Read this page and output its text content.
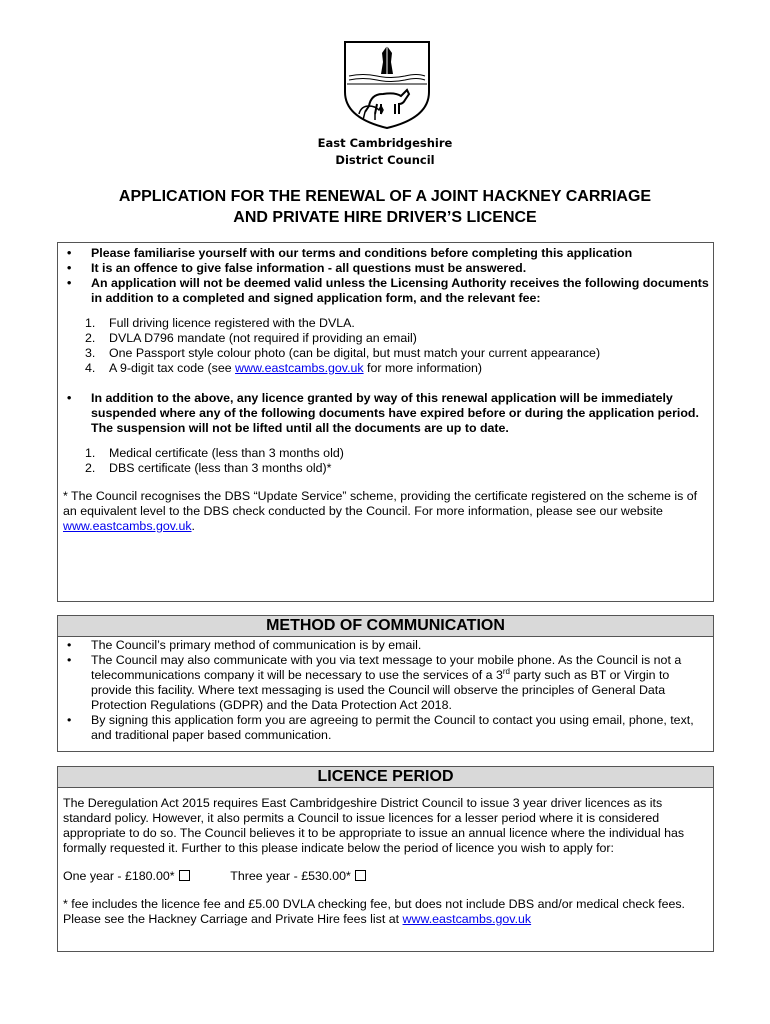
East Cambridgeshire
District Council
APPLICATION FOR THE RENEWAL OF A JOINT HACKNEY CARRIAGE
AND PRIVATE HIRE DRIVER’S LICENCE
• Please familiarise yourself with our terms and conditions before completing this application
• It is an offence to give false information - all questions must be answered.
• An application will not be deemed valid unless the Licensing Authority receives the following documents in addition to a completed and signed application form, and the relevant fee:
1. Full driving licence registered with the DVLA.
2. DVLA D796 mandate (not required if providing an email)
3. One Passport style colour photo (can be digital, but must match your current appearance)
4. A 9-digit tax code (see www.eastcambs.gov.uk for more information)
• In addition to the above, any licence granted by way of this renewal application will be immediately suspended where any of the following documents have expired before or during the application period. The suspension will not be lifted until all the documents are up to date.
1. Medical certificate (less than 3 months old)
2. DBS certificate (less than 3 months old)*
* The Council recognises the DBS “Update Service” scheme, providing the certificate registered on the scheme is of an equivalent level to the DBS check conducted by the Council. For more information, please see our website www.eastcambs.gov.uk.
METHOD OF COMMUNICATION
• The Council’s primary method of communication is by email.
• The Council may also communicate with you via text message to your mobile phone. As the Council is not a telecommunications company it will be necessary to use the services of a 3rd party such as BT or Virgin to provide this facility. Where text messaging is used the Council will observe the principles of General Data Protection Regulations (GDPR) and the Data Protection Act 2018.
• By signing this application form you are agreeing to permit the Council to contact you using email, phone, text, and traditional paper based communication.
LICENCE PERIOD
The Deregulation Act 2015 requires East Cambridgeshire District Council to issue 3 year driver licences as its standard policy. However, it also permits a Council to issue licences for a lesser period where it is considered appropriate to do so. The Council believes it to be appropriate to issue an annual licence where the individual has formally requested it. Further to this please indicate below the period of licence you wish to apply for:
One year - £180.00*	Three year - £530.00*
* fee includes the licence fee and £5.00 DVLA checking fee, but does not include DBS and/or medical check fees. Please see the Hackney Carriage and Private Hire fees list at www.eastcambs.gov.uk
